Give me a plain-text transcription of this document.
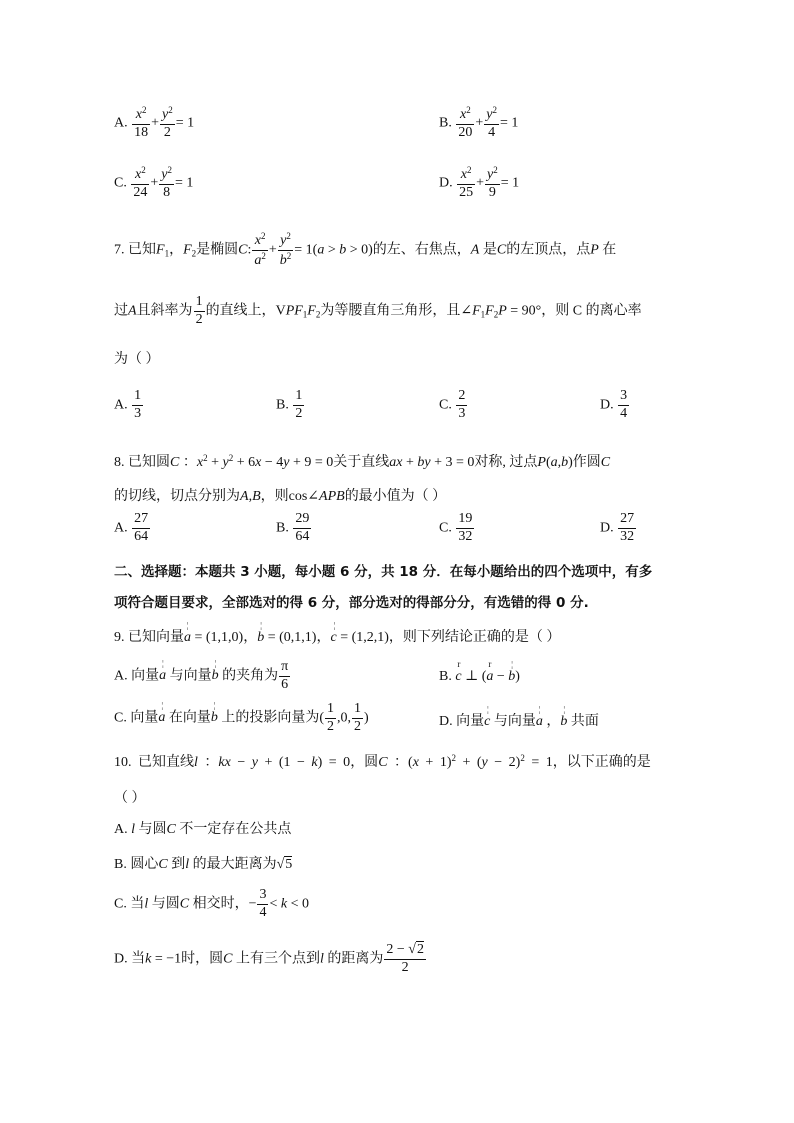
A. $\frac{x^2}{18} + \frac{y^2}{2} = 1$	B. $\frac{x^2}{20} + \frac{y^2}{4} = 1$
C. $\frac{x^2}{24} + \frac{y^2}{8} = 1$	D. $\frac{x^2}{25} + \frac{y^2}{9} = 1$
7. 已知$F_1$，$F_2$是椭圆C: $\frac{x^2}{a^2} + \frac{y^2}{b^2} = 1(a > b > 0)$的左、右焦点，A 是C的左顶点，点P 在
过A且斜率为 $\frac{1}{2}$ 的直线上，$VPF_1F_2$为等腰直角三角形，且$\angle F_1F_2P = 90^\circ$，则 C 的离心率
为（ ）
A. $\frac{1}{3}$	B. $\frac{1}{2}$	C. $\frac{2}{3}$	D. $\frac{3}{4}$
8. 已知圆C ：$x^2 + y^2 + 6x - 4y + 9 = 0$关于直线ax + by + 3 = 0对称, 过点P(a,b)作圆C
的切线，切点分别为A,B，则cos∠APB的最小值为（ ）
A. $\frac{27}{64}$	B. $\frac{29}{64}$	C. $\frac{19}{32}$	D. $\frac{27}{32}$
二、选择题：本题共 3 小题，每小题 6 分，共 18 分．在每小题给出的四个选项中，有多
项符合题目要求，全部选对的得 6 分，部分选对的得部分分，有选错的得 0 分.
9. 已知向量¦ a = (1,1,0)，¦ b = (0,1,1)，¦ c = (1,2,1)，则下列结论正确的是（ ）
A. 向量¦ a 与向量¦ b 的夹角为 $\frac{\pi}{6}$	B. r c ⊥ (r a − ¦ b)
C. 向量¦ a 在向量¦ b 上的投影向量为( $\frac{1}{2} ,0$, $\frac{1}{2}$ )	D. 向量¦ c 与向量¦ a ，¦ b 共面
10. 已知直线l ：kx − y + (1 − k) = 0，圆C ：$(x + 1)^2 + (y - 2)^2 = 1$，以下正确的是
（ ）
A. l 与圆C 不一定存在公共点
B. 圆心C 到l 的最大距离为√5
C. 当l 与圆C 相交时，− $\frac{3}{4} < k < 0$
D. 当k = −1时，圆C 上有三个点到l 的距离为 $\frac{2 - √2}{2}$
